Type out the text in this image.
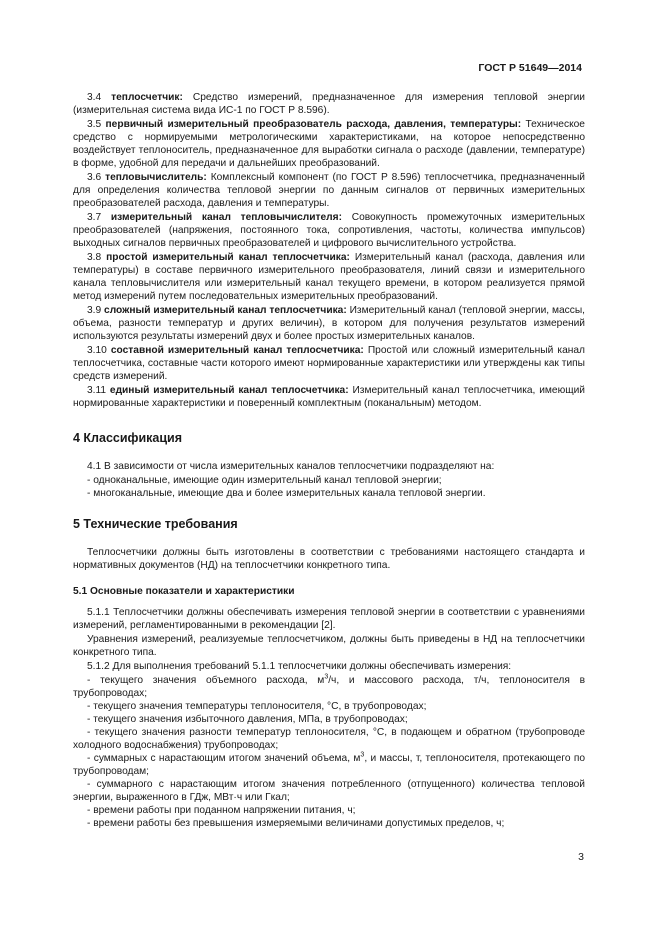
ГОСТ Р 51649—2014

3.4 теплосчетчик: Средство измерений, предназначенное для измерения тепловой энергии (измерительная система вида ИС-1 по ГОСТ Р 8.596).

3.5 первичный измерительный преобразователь расхода, давления, температуры: Техническое средство с нормируемыми метрологическими характеристиками, на которое непосредственно воздействует теплоноситель, предназначенное для выработки сигнала о расходе (давлении, температуре) в форме, удобной для передачи и дальнейших преобразований.

3.6 тепловычислитель: Комплексный компонент (по ГОСТ Р 8.596) теплосчетчика, предназначенный для определения количества тепловой энергии по данным сигналов от первичных измерительных преобразователей расхода, давления и температуры.

3.7 измерительный канал тепловычислителя: Совокупность промежуточных измерительных преобразователей (напряжения, постоянного тока, сопротивления, частоты, количества импульсов) выходных сигналов первичных преобразователей и цифрового вычислительного устройства.

3.8 простой измерительный канал теплосчетчика: Измерительный канал (расхода, давления или температуры) в составе первичного измерительного преобразователя, линий связи и измерительного канала тепловычислителя или измерительный канал текущего времени, в котором реализуется прямой метод измерений путем последовательных измерительных преобразований.

3.9 сложный измерительный канал теплосчетчика: Измерительный канал (тепловой энергии, массы, объема, разности температур и других величин), в котором для получения результатов измерений используются результаты измерений двух и более простых измерительных каналов.

3.10 составной измерительный канал теплосчетчика: Простой или сложный измерительный канал теплосчетчика, составные части которого имеют нормированные характеристики или утверждены как типы средств измерений.

3.11 единый измерительный канал теплосчетчика: Измерительный канал теплосчетчика, имеющий нормированные характеристики и поверенный комплектным (поканальным) методом.

4 Классификация

4.1 В зависимости от числа измерительных каналов теплосчетчики подразделяют на:

- одноканальные, имеющие один измерительный канал тепловой энергии;

- многоканальные, имеющие два и более измерительных канала тепловой энергии.

5 Технические требования

Теплосчетчики должны быть изготовлены в соответствии с требованиями настоящего стандарта и нормативных документов (НД) на теплосчетчики конкретного типа.

5.1 Основные показатели и характеристики

5.1.1 Теплосчетчики должны обеспечивать измерения тепловой энергии в соответствии с уравнениями измерений, регламентированными в рекомендации [2].

Уравнения измерений, реализуемые теплосчетчиком, должны быть приведены в НД на теплосчетчики конкретного типа.

5.1.2 Для выполнения требований 5.1.1 теплосчетчики должны обеспечивать измерения:

- текущего значения объемного расхода, $м^3/ч$, и массового расхода, т/ч, теплоносителя в трубопроводах;

- текущего значения температуры теплоносителя, °С, в трубопроводах;

- текущего значения избыточного давления, МПа, в трубопроводах;

- текущего значения разности температур теплоносителя, °С, в подающем и обратном (трубопроводе холодного водоснабжения) трубопроводах;

- суммарных с нарастающим итогом значений объема, $м^3$, и массы, т, теплоносителя, протекающего по трубопроводам;

- суммарного с нарастающим итогом значения потребленного (отпущенного) количества тепловой энергии, выраженного в ГДж, МВт·ч или Гкал;

- времени работы при поданном напряжении питания, ч;

- времени работы без превышения измеряемыми величинами допустимых пределов, ч;

3
